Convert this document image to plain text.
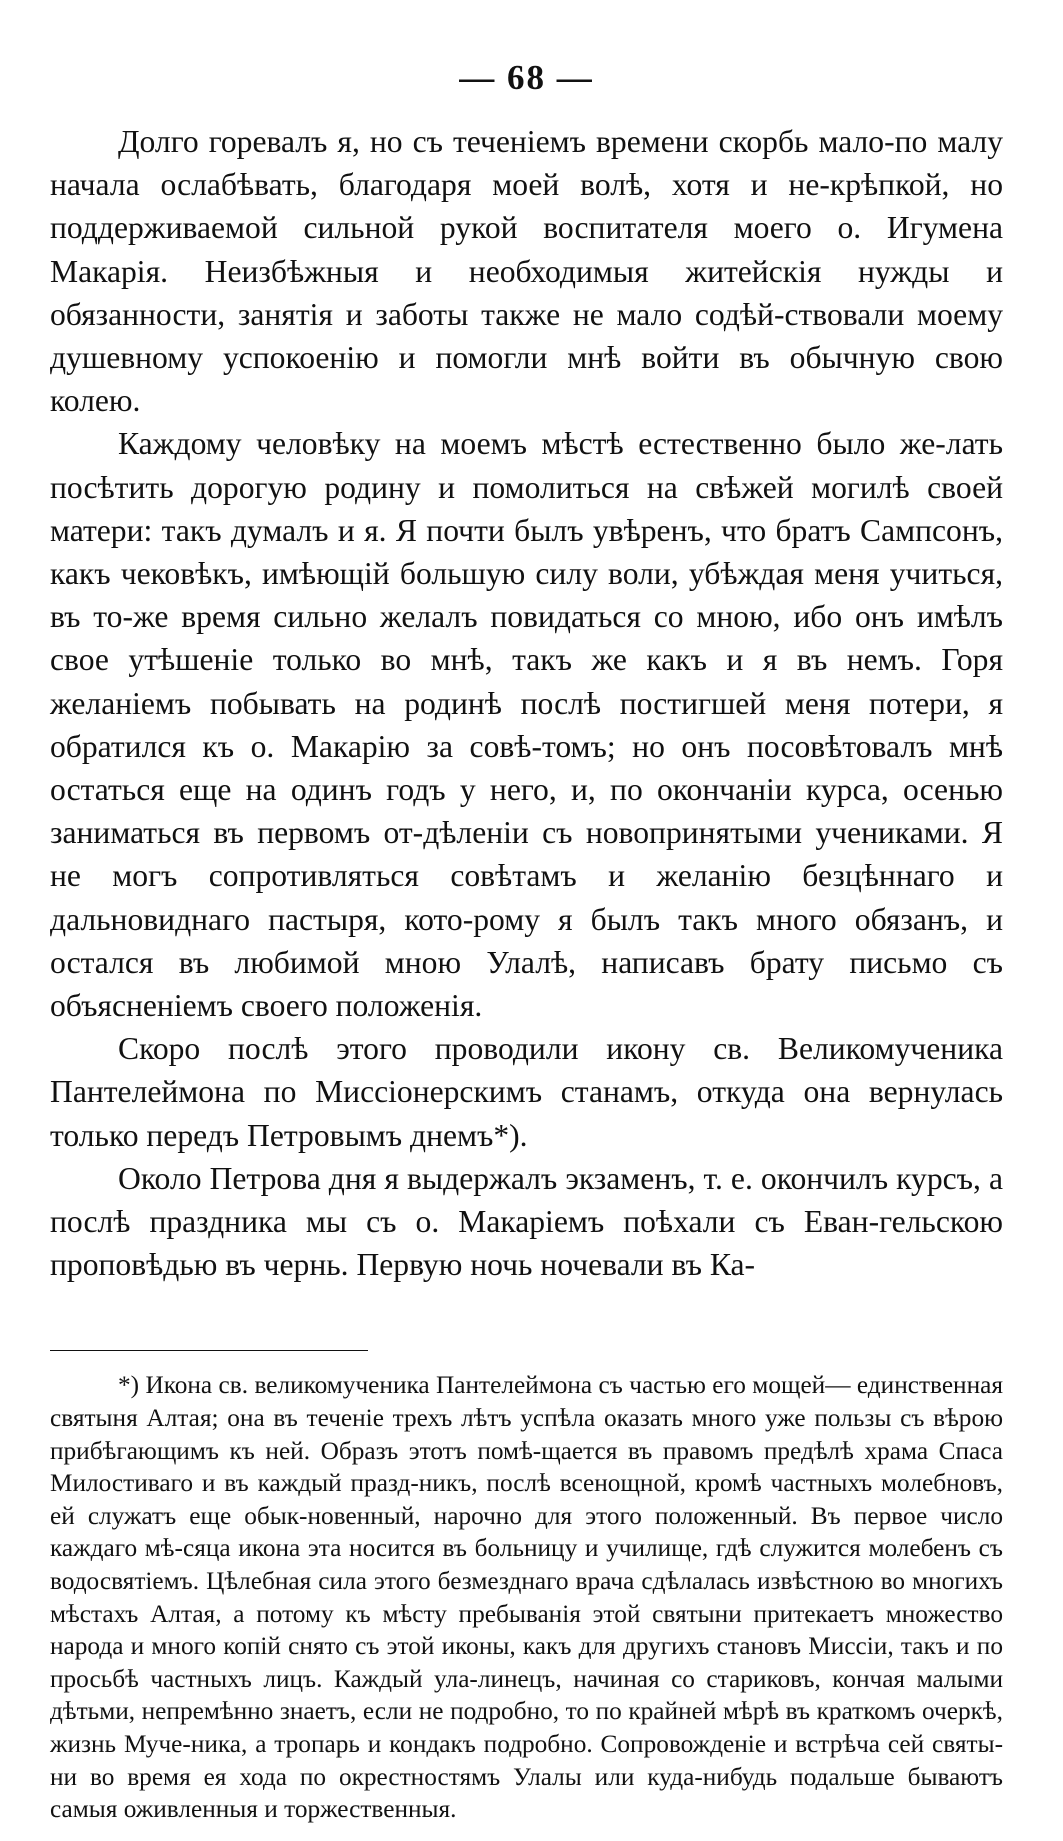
— 68 —

Долго горевалъ я, но съ теченіемъ времени скорбь мало-по малу начала ослабѣвать, благодаря моей волѣ, хотя и не-крѣпкой, но поддерживаемой сильной рукой воспитателя моего о. Игумена Макарія. Неизбѣжныя и необходимыя житейскія нужды и обязанности, занятія и заботы также не мало содѣй-ствовали моему душевному успокоенію и помогли мнѣ войти въ обычную свою колею.

Каждому человѣку на моемъ мѣстѣ естественно было же-лать посѣтить дорогую родину и помолиться на свѣжей могилѣ своей матери: такъ думалъ и я. Я почти былъ увѣренъ, что братъ Сампсонъ, какъ чековѣкъ, имѣющій большую силу воли, убѣждая меня учиться, въ то-же время сильно желалъ повидаться со мною, ибо онъ имѣлъ свое утѣшеніе только во мнѣ, такъ же какъ и я въ немъ. Горя желаніемъ побывать на родинѣ послѣ постигшей меня потери, я обратился къ о. Макарію за совѣ-томъ; но онъ посовѣтовалъ мнѣ остаться еще на одинъ годъ у него, и, по окончаніи курса, осенью заниматься въ первомъ от-дѣленіи съ новопринятыми учениками. Я не могъ сопротивляться совѣтамъ и желанію безцѣннаго и дальновиднаго пастыря, кото-рому я былъ такъ много обязанъ, и остался въ любимой мною Улалѣ, написавъ брату письмо съ объясненіемъ своего положенія.

Скоро послѣ этого проводили икону св. Великомученика Пантелеймона по Миссіонерскимъ станамъ, откуда она вернулась только передъ Петровымъ днемъ*).

Около Петрова дня я выдержалъ экзаменъ, т. е. окончилъ курсъ, а послѣ праздника мы съ о. Макаріемъ поѣхали съ Еван-гельскою проповѣдью въ чернь. Первую ночь ночевали въ Ка-

*) Икона св. великомученика Пантелеймона съ частью его мощей— единственная святыня Алтая; она въ теченіе трехъ лѣтъ успѣла оказать много уже пользы съ вѣрою прибѣгающимъ къ ней. Образъ этотъ помѣ-щается въ правомъ предѣлѣ храма Спаса Милостиваго и въ каждый празд-никъ, послѣ всенощной, кромѣ частныхъ молебновъ, ей служатъ еще обык-новенный, нарочно для этого положенный. Въ первое число каждаго мѣ-сяца икона эта носится въ больницу и училище, гдѣ служится молебенъ съ водосвятіемъ. Цѣлебная сила этого безмезднаго врача сдѣлалась извѣстною во многихъ мѣстахъ Алтая, а потому къ мѣсту пребыванія этой святыни притекаетъ множество народа и много копій снято съ этой иконы, какъ для другихъ становъ Миссіи, такъ и по просьбѣ частныхъ лицъ. Каждый ула-линецъ, начиная со стариковъ, кончая малыми дѣтьми, непремѣнно знаетъ, если не подробно, то по крайней мѣрѣ въ краткомъ очеркѣ, жизнь Муче-ника, а тропарь и кондакъ подробно. Сопровожденіе и встрѣча сей святы-ни во время ея хода по окрестностямъ Улалы или куда-нибудь подальше бываютъ самыя оживленныя и торжественныя.
